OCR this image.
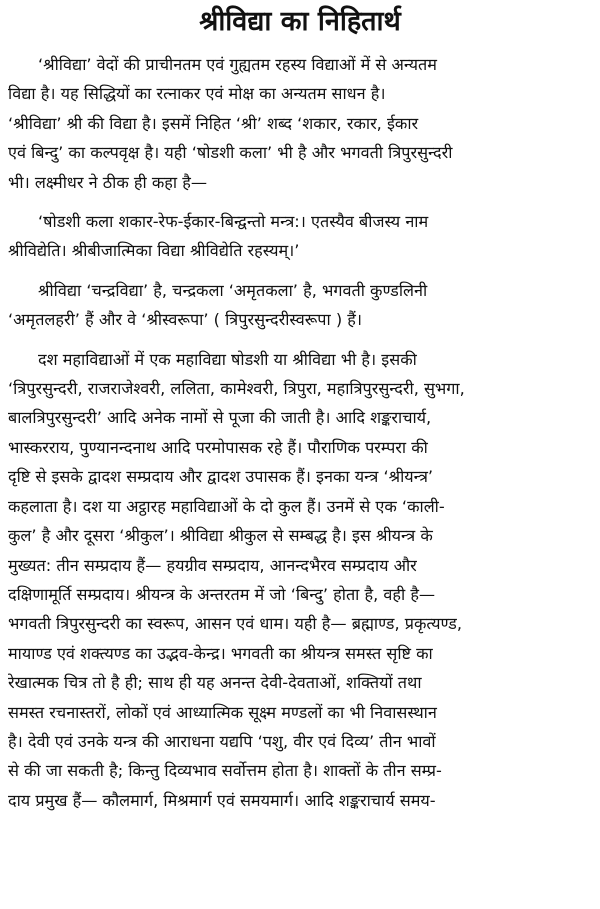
श्रीविद्या का निहितार्थ
‘श्रीविद्या’ वेदों की प्राचीनतम एवं गुह्यतम रहस्य विद्याओं में से अन्यतम
विद्या है। यह सिद्धियों का रत्नाकर एवं मोक्ष का अन्यतम साधन है।
‘श्रीविद्या’ श्री की विद्या है। इसमें निहित ‘श्री’ शब्द ‘शकार, रकार, ईकार
एवं बिन्दु’ का कल्पवृक्ष है। यही ‘षोडशी कला’ भी है और भगवती त्रिपुरसुन्दरी
भी। लक्ष्मीधर ने ठीक ही कहा है—
‘षोडशी कला शकार-रेफ-ईकार-बिन्द्वन्तो मन्त्र:। एतस्यैव बीजस्य नाम
श्रीविद्येति। श्रीबीजात्मिका विद्या श्रीविद्येति रहस्यम्।’
श्रीविद्या ‘चन्द्रविद्या’ है, चन्द्रकला ‘अमृतकला’ है, भगवती कुण्डलिनी
‘अमृतलहरी’ हैं और वे ‘श्रीस्वरूपा’ ( त्रिपुरसुन्दरीस्वरूपा ) हैं।
दश महाविद्याओं में एक महाविद्या षोडशी या श्रीविद्या भी है। इसकी
‘त्रिपुरसुन्दरी, राजराजेश्वरी, ललिता, कामेश्वरी, त्रिपुरा, महात्रिपुरसुन्दरी, सुभगा,
बालत्रिपुरसुन्दरी’ आदि अनेक नामों से पूजा की जाती है। आदि शङ्कराचार्य,
भास्करराय, पुण्यानन्दनाथ आदि परमोपासक रहे हैं। पौराणिक परम्परा की
दृष्टि से इसके द्वादश सम्प्रदाय और द्वादश उपासक हैं। इनका यन्त्र ‘श्रीयन्त्र’
कहलाता है। दश या अट्ठारह महाविद्याओं के दो कुल हैं। उनमें से एक ‘काली-
कुल’ है और दूसरा ‘श्रीकुल’। श्रीविद्या श्रीकुल से सम्बद्ध है। इस श्रीयन्त्र के
मुख्यत: तीन सम्प्रदाय हैं— हयग्रीव सम्प्रदाय, आनन्दभैरव सम्प्रदाय और
दक्षिणामूर्ति सम्प्रदाय। श्रीयन्त्र के अन्तरतम में जो ‘बिन्दु’ होता है, वही है—
भगवती त्रिपुरसुन्दरी का स्वरूप, आसन एवं धाम। यही है— ब्रह्माण्ड, प्रकृत्यण्ड,
मायाण्ड एवं शक्त्यण्ड का उद्भव-केन्द्र। भगवती का श्रीयन्त्र समस्त सृष्टि का
रेखात्मक चित्र तो है ही; साथ ही यह अनन्त देवी-देवताओं, शक्तियों तथा
समस्त रचनास्तरों, लोकों एवं आध्यात्मिक सूक्ष्म मण्डलों का भी निवासस्थान
है। देवी एवं उनके यन्त्र की आराधना यद्यपि ‘पशु, वीर एवं दिव्य’ तीन भावों
से की जा सकती है; किन्तु दिव्यभाव सर्वोत्तम होता है। शाक्तों के तीन सम्प्र-
दाय प्रमुख हैं— कौलमार्ग, मिश्रमार्ग एवं समयमार्ग। आदि शङ्कराचार्य समय-
